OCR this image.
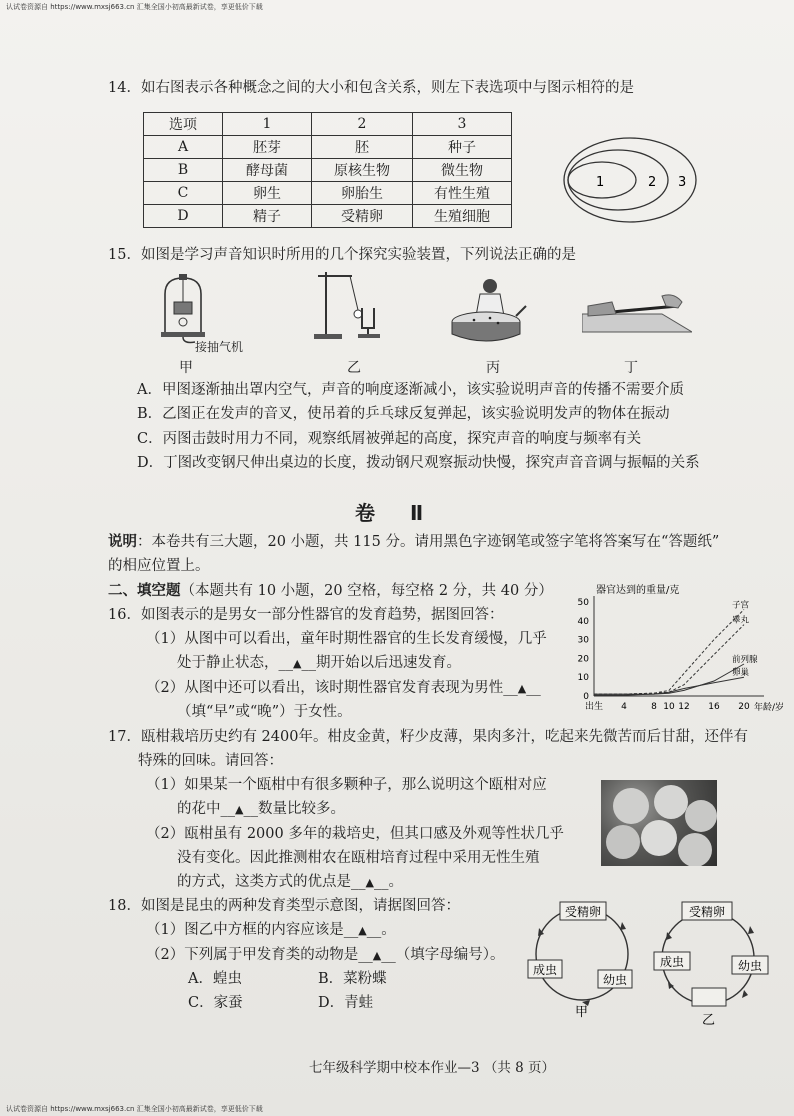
认试卷资源自 https://www.mxsj663.cn 汇集全国小初高最新试卷，享更低价下载
14．如右图表示各种概念之间的大小和包含关系，则左下表选项中与图示相符的是
选项	1	2	3
A	胚芽	胚	种子
B	酵母菌	原核生物	微生物
C	卵生	卵胎生	有性生殖
D	精子	受精卵	生殖细胞
1	2 3
15．如图是学习声音知识时所用的几个探究实验装置，下列说法正确的是
接抽气机
甲	乙	丙	丁
A．甲图逐渐抽出罩内空气，声音的响度逐渐减小，该实验说明声音的传播不需要介质
B．乙图正在发声的音叉，使吊着的乒乓球反复弹起，该实验说明发声的物体在振动
C．丙图击鼓时用力不同，观察纸屑被弹起的高度，探究声音的响度与频率有关
D．丁图改变钢尺伸出桌边的长度，拨动钢尺观察振动快慢，探究声音音调与振幅的关系
卷 Ⅱ
说明：本卷共有三大题，20 小题，共 115 分。请用黑色字迹钢笔或签字笔将答案写在“答题纸”
的相应位置上。
二、填空题（本题共有 10 小题，20 空格，每空格 2 分，共 40 分）
16．如图表示的是男女一部分性器官的发育趋势，据图回答：
（1）从图中可以看出，童年时期性器官的生长发育缓慢，几乎
处于静止状态，__▲__期开始以后迅速发育。
（2）从图中还可以看出，该时期性器官发育表现为男性__▲__
（填“早”或“晚”）于女性。
器官达到的重量/克
年龄/岁
0
10
20
30
40
50
出生 4	8 10 12 16 20
子宫
睾丸
前列腺
卵巢
17．瓯柑栽培历史约有 2400年。柑皮金黄，籽少皮薄，果肉多汁，吃起来先微苦而后甘甜，还伴有
特殊的回味。请回答：
（1）如果某一个瓯柑中有很多颗种子，那么说明这个瓯柑对应
的花中__▲__数量比较多。
（2）瓯柑虽有 2000 多年的栽培史，但其口感及外观等性状几乎
没有变化。因此推测柑农在瓯柑培育过程中采用无性生殖
的方式，这类方式的优点是__▲__。
18．如图是昆虫的两种发育类型示意图，请据图回答：
（1）图乙中方框的内容应该是__▲__。
（2）下列属于甲发育类的动物是__▲__（填字母编号）。
A．蝗虫	B．菜粉蝶
C．家蚕	D．青蛙
受精卵
成虫
幼虫
甲
受精卵
成虫	幼虫
乙
七年级科学期中校本作业—3 （共 8 页）
认试卷资源自 https://www.mxsj663.cn 汇集全国小初高最新试卷，享更低价下载
